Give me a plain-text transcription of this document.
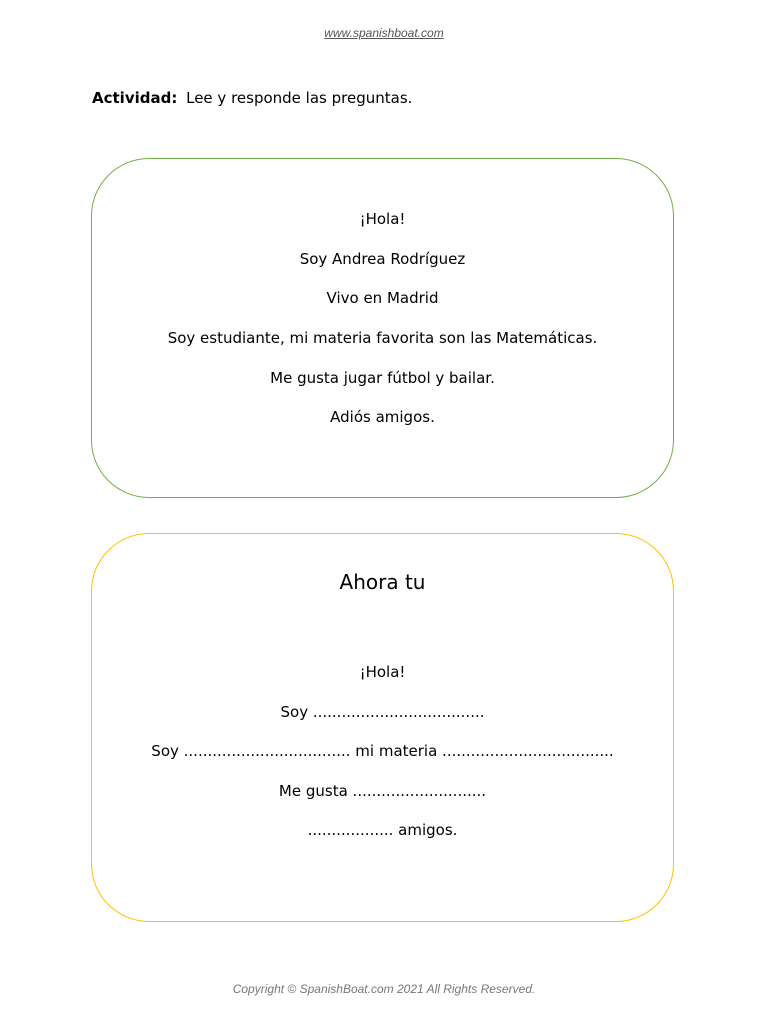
www.spanishboat.com
Actividad: Lee y responde las preguntas.
¡Hola!
Soy Andrea Rodríguez
Vivo en Madrid
Soy estudiante, mi materia favorita son las Matemáticas.
Me gusta jugar fútbol y bailar.
Adiós amigos.
Ahora tu
¡Hola!
Soy ....................................
Soy ................................... mi materia ....................................
Me gusta ............................
.................. amigos.
Copyright © SpanishBoat.com 2021 All Rights Reserved.
